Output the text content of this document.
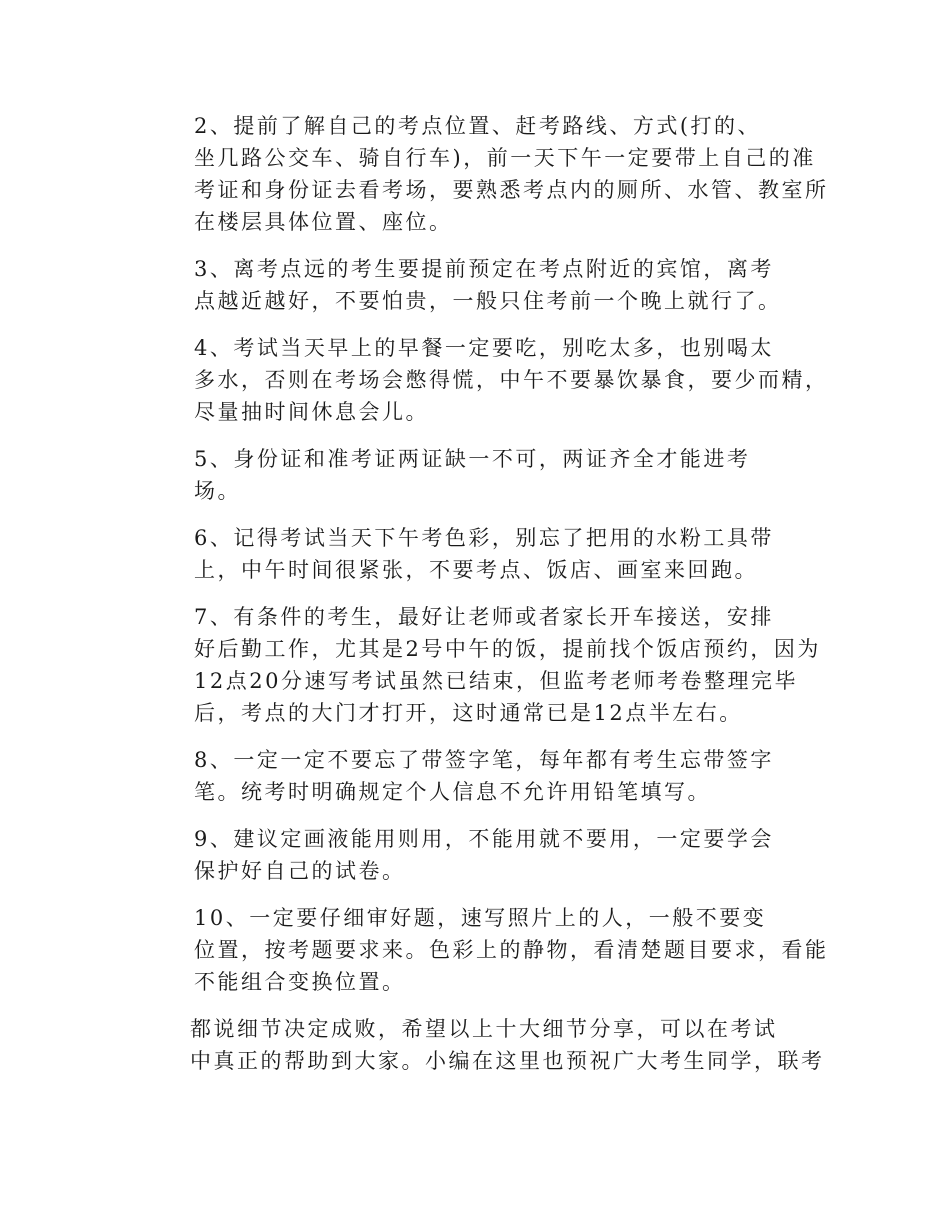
2、提前了解自己的考点位置、赶考路线、方式(打的、
坐几路公交车、骑自行车)，前一天下午一定要带上自己的准
考证和身份证去看考场，要熟悉考点内的厕所、水管、教室所
在楼层具体位置、座位。

3、离考点远的考生要提前预定在考点附近的宾馆，离考
点越近越好，不要怕贵，一般只住考前一个晚上就行了。

4、考试当天早上的早餐一定要吃，别吃太多，也别喝太
多水，否则在考场会憋得慌，中午不要暴饮暴食，要少而精，
尽量抽时间休息会儿。

5、身份证和准考证两证缺一不可，两证齐全才能进考
场。

6、记得考试当天下午考色彩，别忘了把用的水粉工具带
上，中午时间很紧张，不要考点、饭店、画室来回跑。

7、有条件的考生，最好让老师或者家长开车接送，安排
好后勤工作，尤其是2号中午的饭，提前找个饭店预约，因为
12点20分速写考试虽然已结束，但监考老师考卷整理完毕
后，考点的大门才打开，这时通常已是12点半左右。

8、一定一定不要忘了带签字笔，每年都有考生忘带签字
笔。统考时明确规定个人信息不允许用铅笔填写。

9、建议定画液能用则用，不能用就不要用，一定要学会
保护好自己的试卷。

10、一定要仔细审好题，速写照片上的人，一般不要变
位置，按考题要求来。色彩上的静物，看清楚题目要求，看能
不能组合变换位置。

都说细节决定成败，希望以上十大细节分享，可以在考试
中真正的帮助到大家。小编在这里也预祝广大考生同学，联考
